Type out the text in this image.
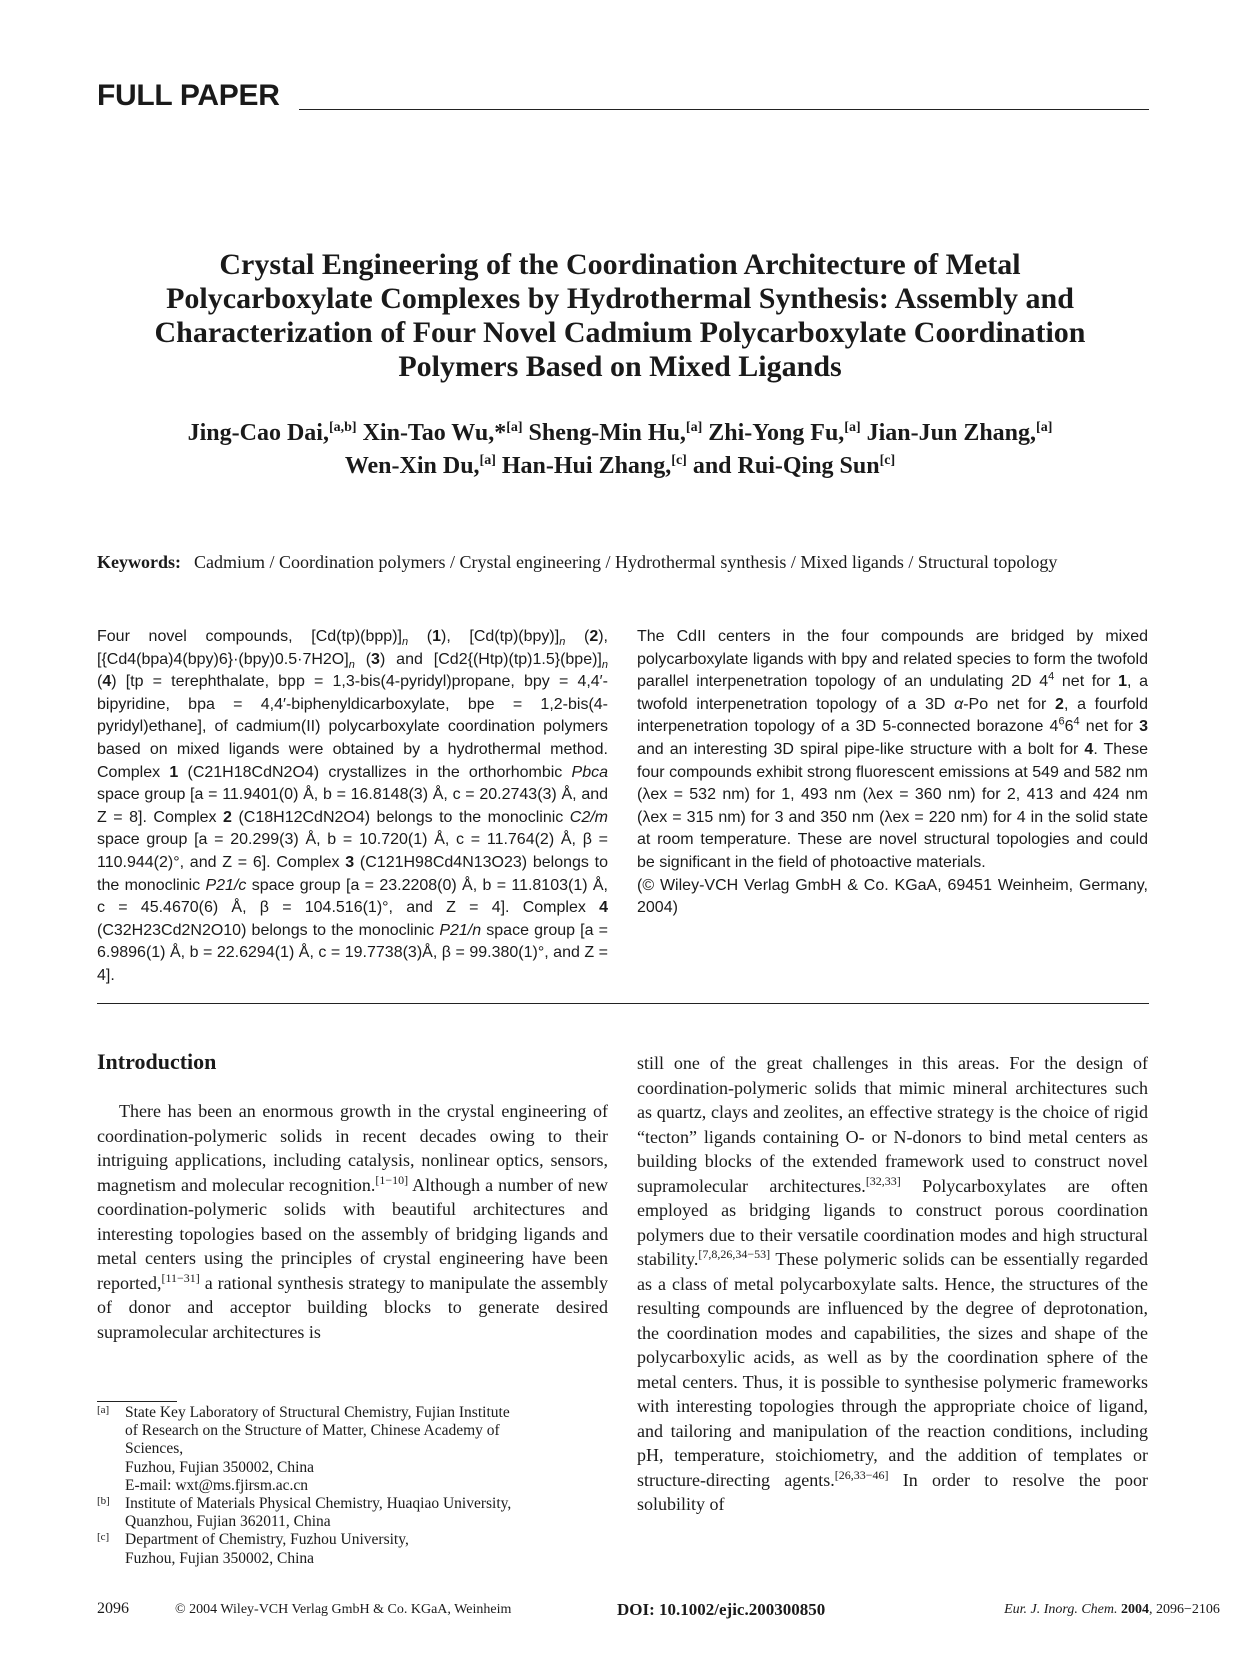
FULL PAPER
Crystal Engineering of the Coordination Architecture of Metal
Polycarboxylate Complexes by Hydrothermal Synthesis: Assembly and
Characterization of Four Novel Cadmium Polycarboxylate Coordination
Polymers Based on Mixed Ligands
Jing-Cao Dai,[a,b] Xin-Tao Wu,*[a] Sheng-Min Hu,[a] Zhi-Yong Fu,[a] Jian-Jun Zhang,[a]
Wen-Xin Du,[a] Han-Hui Zhang,[c] and Rui-Qing Sun[c]
Keywords: Cadmium / Coordination polymers / Crystal engineering / Hydrothermal synthesis / Mixed ligands / Structural topology

Four novel compounds, $[Cd(tp)(bpp)]_n$ (1), $[Cd(tp)(bpy)]_n$ (2), $[\{Cd4(bpa)4(bpy)6\}\cdot(bpy)0.5\cdot 7H2O]_n$ (3) and $[Cd2\{(Htp)(tp)1.5\}(bpe)]_n$ (4) [tp = terephthalate, bpp = 1,3-bis(4-pyridyl)propane, bpy = 4,4′- bipyridine, bpa = 4,4′-biphenyldicarboxylate, bpe = 1,2-bis(4-pyridyl)ethane], of cadmium(II) polycarboxylate coordination polymers based on mixed ligands were obtained by a hydrothermal method. Complex 1 (C21H18CdN2O4) crystallizes in the orthorhombic Pbca space group [a = 11.9401(0) Å, b = 16.8148(3) Å, c = 20.2743(3) Å, and Z = 8]. Complex 2 (C18H12CdN2O4) belongs to the monoclinic C2/m space group [a = 20.299(3) Å, b = 10.720(1) Å, c = 11.764(2) Å, β = 110.944(2)°, and Z = 6]. Complex 3 (C121H98Cd4N13O23) belongs to the monoclinic P21/c space group [a = 23.2208(0) Å, b = 11.8103(1) Å, c = 45.4670(6) Å, β = 104.516(1)°, and Z = 4]. Complex 4 (C32H23Cd2N2O10) belongs to the monoclinic P21/n space group [a = 6.9896(1) Å, b = 22.6294(1) Å, c = 19.7738(3)Å, β = 99.380(1)°, and Z = 4].

The CdII centers in the four compounds are bridged by mixed polycarboxylate ligands with bpy and related species to form the twofold parallel interpenetration topology of an undulating 2D $4^4$ net for 1, a twofold interpenetration topology of a 3D α-Po net for 2, a fourfold interpenetration topology of a 3D 5-connected borazone $4^66^4$ net for 3 and an interesting 3D spiral pipe-like structure with a bolt for 4. These four compounds exhibit strong fluorescent emissions at 549 and 582 nm (λex = 532 nm) for 1, 493 nm (λex = 360 nm) for 2, 413 and 424 nm (λex = 315 nm) for 3 and 350 nm (λex = 220 nm) for 4 in the solid state at room temperature. These are novel structural topologies and could be significant in the field of photoactive materials.

(© Wiley-VCH Verlag GmbH & Co. KGaA, 69451 Weinheim, Germany, 2004)

Introduction

There has been an enormous growth in the crystal engineering of coordination-polymeric solids in recent decades owing to their intriguing applications, including catalysis, nonlinear optics, sensors, magnetism and molecular recognition.[1−10] Although a number of new coordination-polymeric solids with beautiful architectures and interesting topologies based on the assembly of bridging ligands and metal centers using the principles of crystal engineering have been reported,[11−31] a rational synthesis strategy to manipulate the assembly of donor and acceptor building blocks to generate desired supramolecular architectures is

still one of the great challenges in this areas. For the design of coordination-polymeric solids that mimic mineral architectures such as quartz, clays and zeolites, an effective strategy is the choice of rigid “tecton” ligands containing O- or N-donors to bind metal centers as building blocks of the extended framework used to construct novel supramolecular architectures.[32,33] Polycarboxylates are often employed as bridging ligands to construct porous coordination polymers due to their versatile coordination modes and high structural stability.[7,8,26,34−53] These polymeric solids can be essentially regarded as a class of metal polycarboxylate salts. Hence, the structures of the resulting compounds are influenced by the degree of deprotonation, the coordination modes and capabilities, the sizes and shape of the polycarboxylic acids, as well as by the coordination sphere of the metal centers. Thus, it is possible to synthesise polymeric frameworks with interesting topologies through the appropriate choice of ligand, and tailoring and manipulation of the reaction conditions, including pH, temperature, stoichiometry, and the addition of templates or structure-directing agents.[26,33−46] In order to resolve the poor solubility of

[a] State Key Laboratory of Structural Chemistry, Fujian Institute
of Research on the Structure of Matter, Chinese Academy of
Sciences,
Fuzhou, Fujian 350002, China
E-mail: wxt@ms.fjirsm.ac.cn
[b] Institute of Materials Physical Chemistry, Huaqiao University,
Quanzhou, Fujian 362011, China
[c] Department of Chemistry, Fuzhou University,
Fuzhou, Fujian 350002, China
2096	© 2004 Wiley-VCH Verlag GmbH & Co. KGaA, Weinheim	DOI: 10.1002/ejic.200300850	Eur. J. Inorg. Chem. 2004 , 2096−2106
